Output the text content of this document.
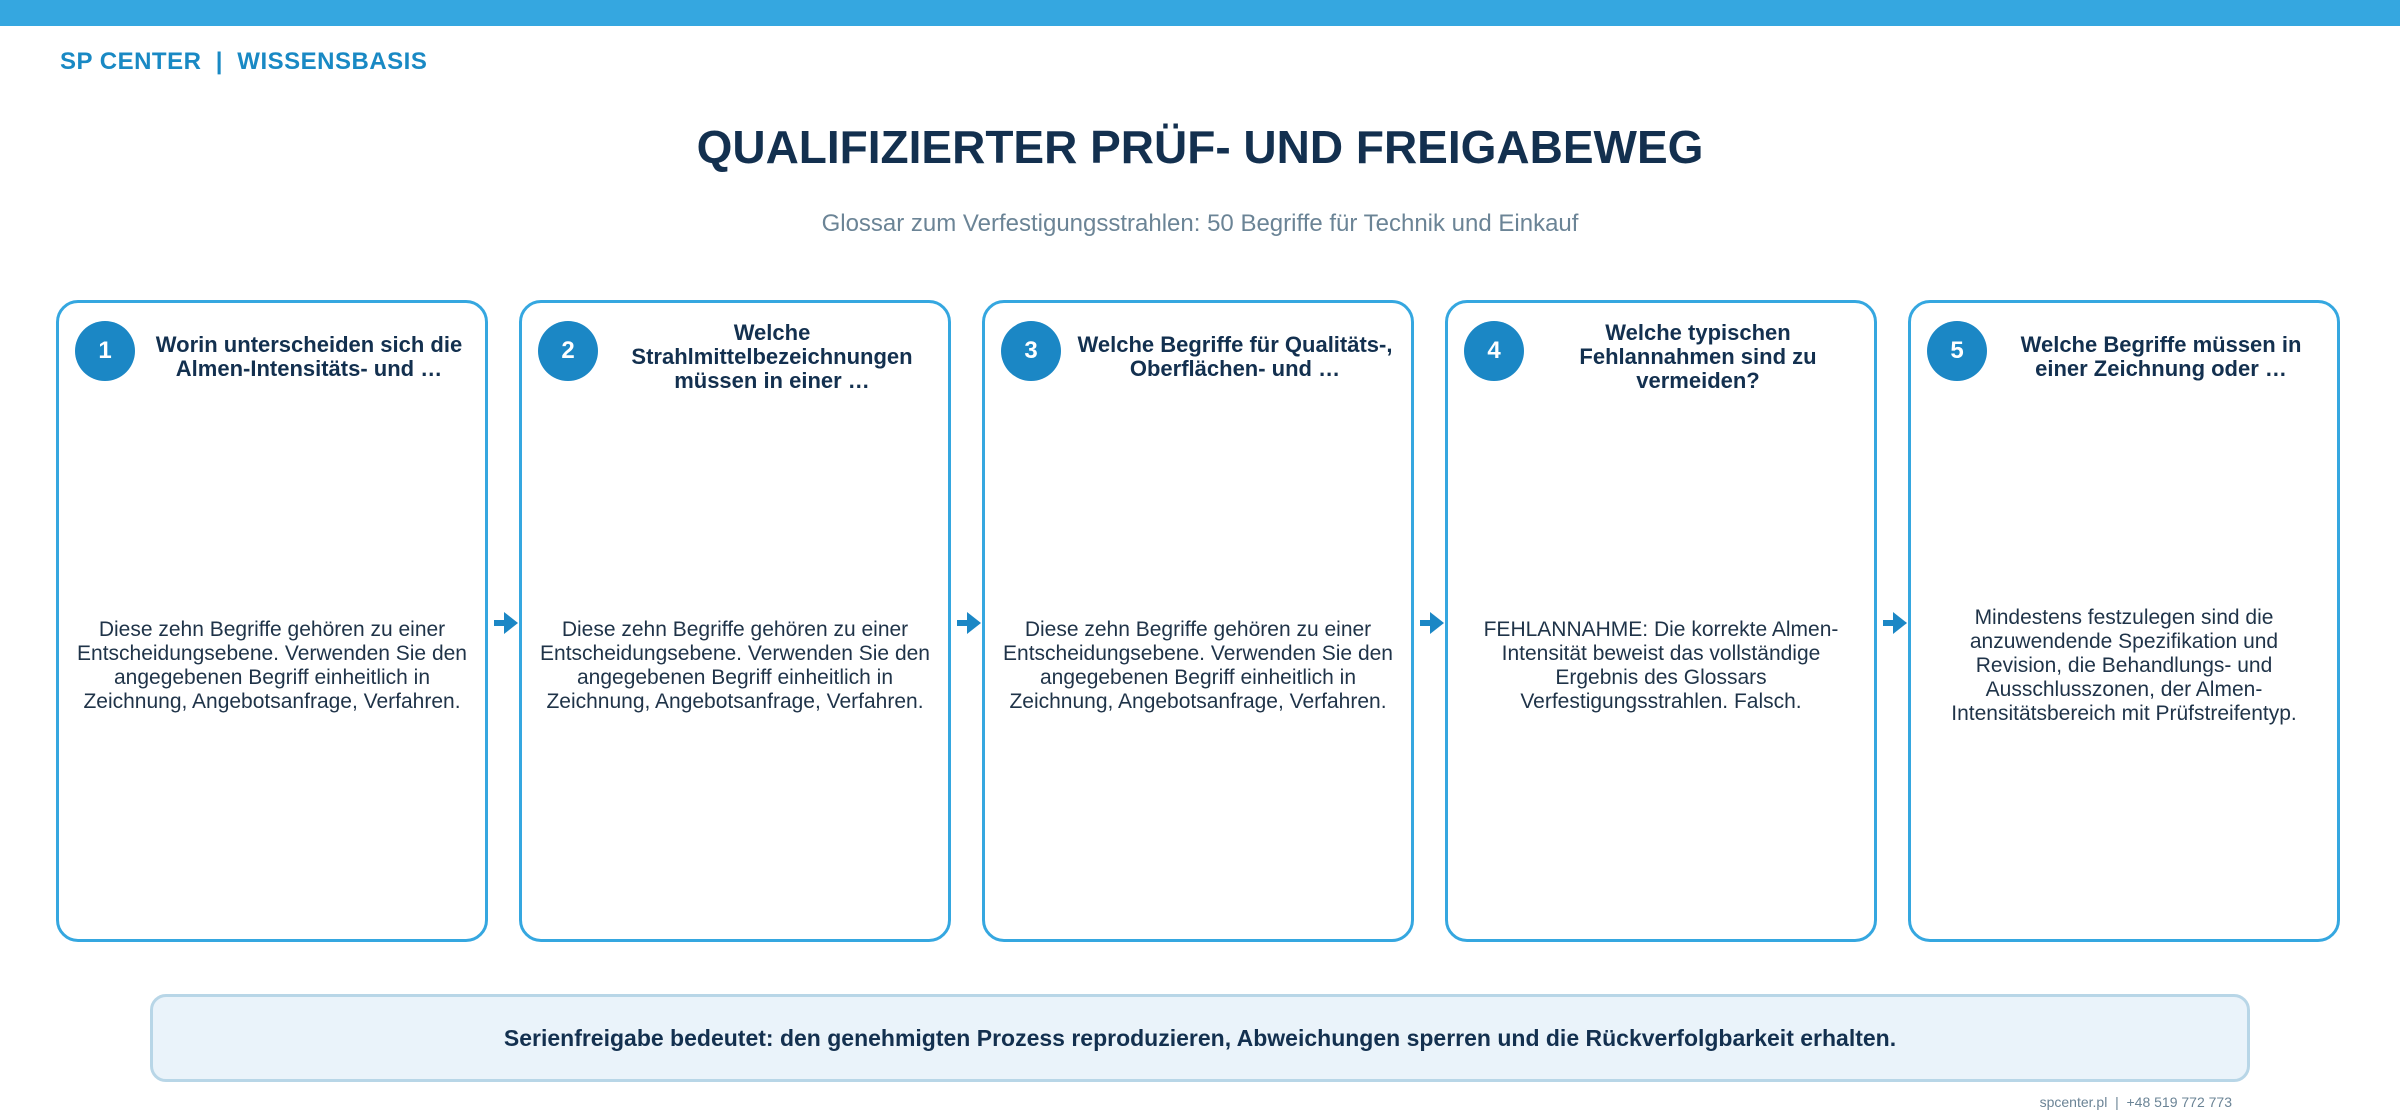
SP CENTER  |  WISSENSBASIS
QUALIFIZIERTER PRÜF- UND FREIGABEWEG
Glossar zum Verfestigungsstrahlen: 50 Begriffe für Technik und Einkauf
1	Worin unterscheiden sich die Almen-Intensitäts- und …
Diese zehn Begriffe gehören zu einer Entscheidungsebene. Verwenden Sie den angegebenen Begriff einheitlich in Zeichnung, Angebotsanfrage, Verfahren.
2
Welche Strahlmittelbezeichnungen müssen in einer …
Diese zehn Begriffe gehören zu einer Entscheidungsebene. Verwenden Sie den angegebenen Begriff einheitlich in Zeichnung, Angebotsanfrage, Verfahren.
3	Welche Begriffe für Qualitäts-, Oberflächen- und …
Diese zehn Begriffe gehören zu einer Entscheidungsebene. Verwenden Sie den angegebenen Begriff einheitlich in Zeichnung, Angebotsanfrage, Verfahren.
4
Welche typischen Fehlannahmen sind zu vermeiden?
FEHLANNAHME: Die korrekte Almen-Intensität beweist das vollständige Ergebnis des Glossars Verfestigungsstrahlen. Falsch.
5	Welche Begriffe müssen in einer Zeichnung oder …
Mindestens festzulegen sind die anzuwendende Spezifikation und Revision, die Behandlungs- und Ausschlusszonen, der Almen-Intensitätsbereich mit Prüfstreifentyp.
Serienfreigabe bedeutet: den genehmigten Prozess reproduzieren, Abweichungen sperren und die Rückverfolgbarkeit erhalten.
spcenter.pl  |  +48 519 772 773
